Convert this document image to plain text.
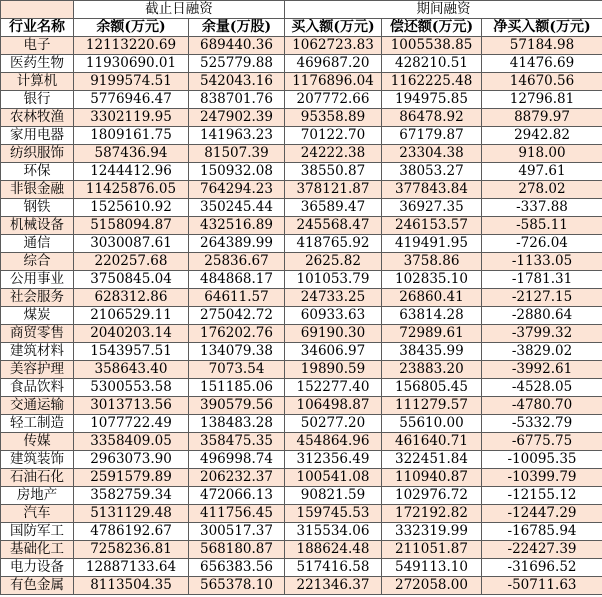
	截止日融资		期间融资		
行业名称	余额(万元)	余量(万股)	买入额(万元)	偿还额(万元)	净买入额(万元)
电子	12113220.69	689440.36	1062723.83	1005538.85	57184.98
医药生物	11930690.01	525779.88	469687.20	428210.51	41476.69
计算机	9199574.51	542043.16	1176896.04	1162225.48	14670.56
银行	5776946.47	838701.76	207772.66	194975.85	12796.81
农林牧渔	3302119.95	247902.39	95358.89	86478.92	8879.97
家用电器	1809161.75	141963.23	70122.70	67179.87	2942.82
纺织服饰	587436.94	81507.39	24222.38	23304.38	918.00
环保	1244412.96	150932.08	38550.87	38053.27	497.61
非银金融	11425876.05	764294.23	378121.87	377843.84	278.02
钢铁	1525610.92	350245.44	36589.47	36927.35	-337.88
机械设备	5158094.87	432516.89	245568.47	246153.57	-585.11
通信	3030087.61	264389.99	418765.92	419491.95	-726.04
综合	220257.68	25836.67	2625.82	3758.86	-1133.05
公用事业	3750845.04	484868.17	101053.79	102835.10	-1781.31
社会服务	628312.86	64611.57	24733.25	26860.41	-2127.15
煤炭	2106529.11	275042.72	60933.63	63814.28	-2880.64
商贸零售	2040203.14	176202.76	69190.30	72989.61	-3799.32
建筑材料	1543957.51	134079.38	34606.97	38435.99	-3829.02
美容护理	358643.40	7073.54	19890.59	23883.20	-3992.61
食品饮料	5300553.58	151185.06	152277.40	156805.45	-4528.05
交通运输	3013713.56	390579.56	106498.87	111279.57	-4780.70
轻工制造	1077722.49	138483.28	50277.20	55610.00	-5332.79
传媒	3358409.05	358475.35	454864.96	461640.71	-6775.75
建筑装饰	2963073.90	496998.74	312356.49	322451.84	-10095.35
石油石化	2591579.89	206232.37	100541.08	110940.87	-10399.79
房地产	3582759.34	472066.13	90821.59	102976.72	-12155.12
汽车	5131129.48	411756.45	159745.53	172192.82	-12447.29
国防军工	4786192.67	300517.37	315534.06	332319.99	-16785.94
基础化工	7258236.81	568180.87	188624.48	211051.87	-22427.39
电力设备	12887133.64	656383.56	517416.58	549113.10	-31696.52
有色金属	8113504.35	565378.10	221346.37	272058.00	-50711.63
